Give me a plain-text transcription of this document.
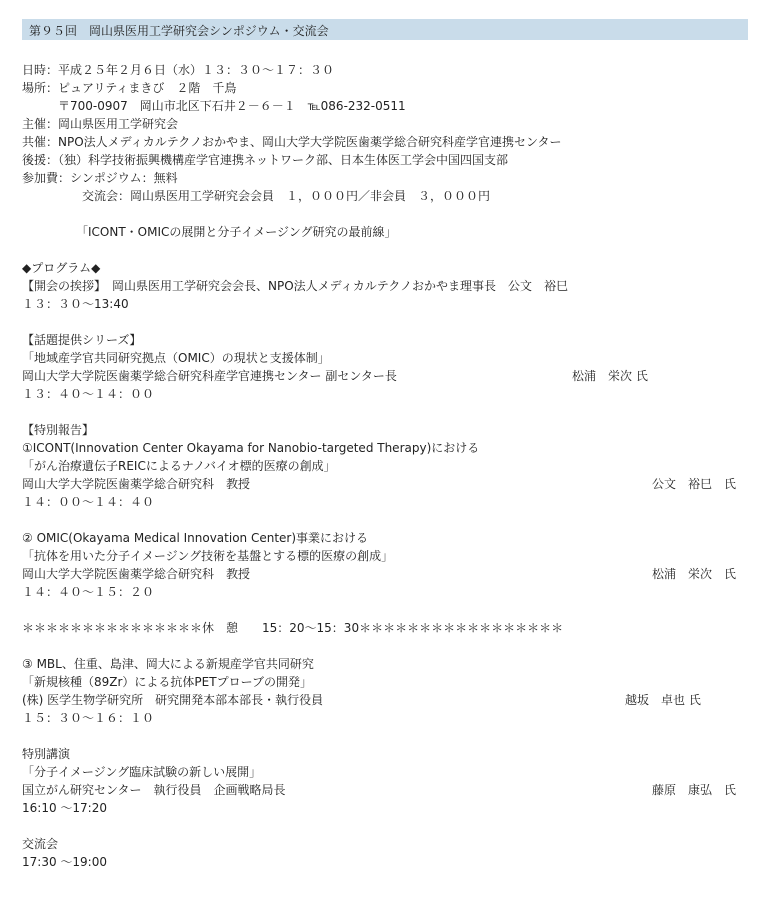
第９５回　岡山県医用工学研究会シンポジウム・交流会
日時：平成２５年２月６日（水）１３：３０～１７：３０
場所：ピュアリティまきび　２階　千鳥
　　　〒700-0907　岡山市北区下石井２－６－１　℡086-232-0511
主催：岡山県医用工学研究会
共催：NPO法人メディカルテクノおかやま、岡山大学大学院医歯薬学総合研究科産学官連携センター
後援：（独）科学技術振興機構産学官連携ネットワーク部、日本生体医工学会中国四国支部
参加費：シンポジウム：無料
　　　　　交流会：岡山県医用工学研究会会員　１，０００円／非会員　３，０００円
　　　　　「ICONT・OMICの展開と分子イメージング研究の最前線」
◆プログラム◆
【開会の挨拶】　岡山県医用工学研究会会長、NPO法人メディカルテクノおかやま理事長　公文　裕巳
１３：３０～13:40
【話題提供シリーズ】
「地域産学官共同研究拠点（OMIC）の現状と支援体制」
岡山大学大学院医歯薬学総合研究科産学官連携センター 副センター長	松浦　栄次 氏
１３：４０～１４：００
【特別報告】
①ICONT(Innovation Center Okayama for Nanobio-targeted Therapy)における
「がん治療遺伝子REICによるナノバイオ標的医療の創成」
岡山大学大学院医歯薬学総合研究科　教授	公文　裕巳　氏
１４：００～１４：４０
② OMIC(Okayama Medical Innovation Center)事業における
「抗体を用いた分子イメージング技術を基盤とする標的医療の創成」
岡山大学大学院医歯薬学総合研究科　教授	松浦　栄次　氏
１４：４０～１５：２０
＊＊＊＊＊＊＊＊＊＊＊＊＊＊＊休　憩　　15：20～15：30＊＊＊＊＊＊＊＊＊＊＊＊＊＊＊＊＊
③ MBL、住重、島津、岡大による新規産学官共同研究
「新規核種（89Zr）による抗体PETプローブの開発」
(株) 医学生物学研究所　研究開発本部本部長・執行役員	越坂　卓也 氏
１５：３０～１６：１０
特別講演
「分子イメージング臨床試験の新しい展開」
国立がん研究センター　執行役員　企画戦略局長	藤原　康弘　氏
16:10 ～17:20
交流会
17:30 ～19:00
